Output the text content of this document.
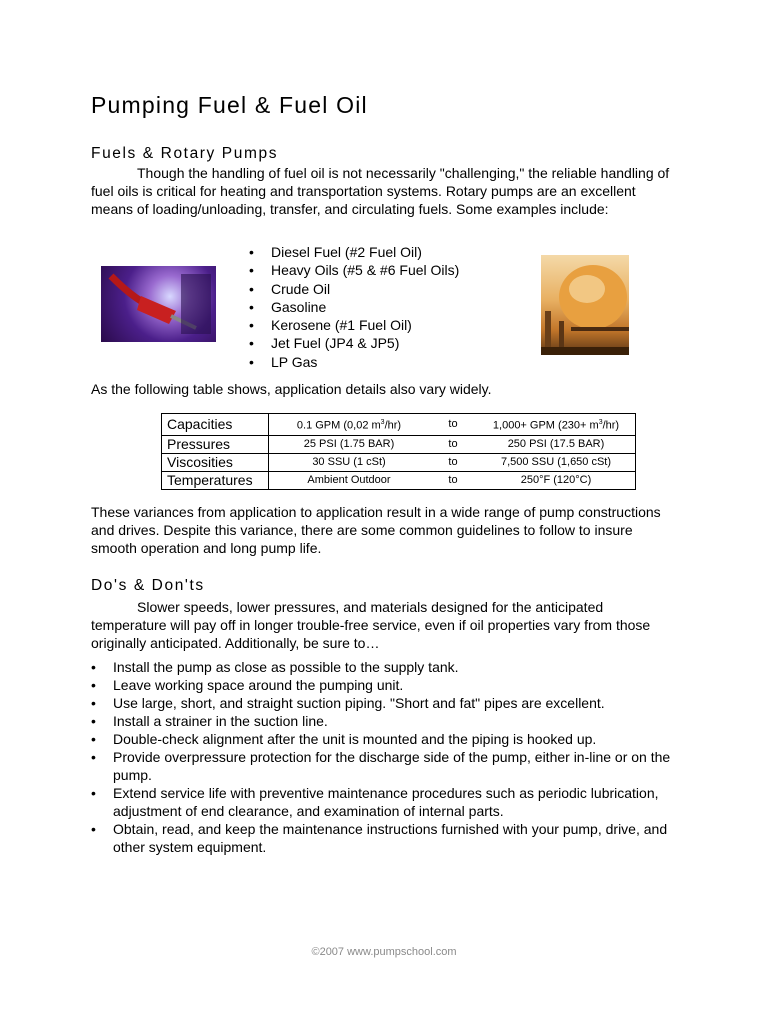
Pumping Fuel & Fuel Oil
Fuels & Rotary Pumps

Though the handling of fuel oil is not necessarily "challenging," the reliable handling of fuel oils is critical for heating and transportation systems. Rotary pumps are an excellent means of loading/unloading, transfer, and circulating fuels. Some examples include:

• Diesel Fuel (#2 Fuel Oil)
• Heavy Oils (#5 & #6 Fuel Oils)
• Crude Oil
• Gasoline
• Kerosene (#1 Fuel Oil)
• Jet Fuel (JP4 & JP5)
• LP Gas

As the following table shows, application details also vary widely.

Capacities	0.1 GPM (0,02 $m^3/hr$)	to	1,000+ GPM $(230+ m^3/hr)$
Pressures	25 PSI (1.75 BAR)	to	250 PSI (17.5 BAR)
Viscosities	30 SSU (1 cSt)	to	7,500 SSU (1,650 cSt)
Temperatures	Ambient Outdoor	to	250°F (120°C)

These variances from application to application result in a wide range of pump constructions and drives. Despite this variance, there are some common guidelines to follow to insure smooth operation and long pump life.

Do's & Don'ts

Slower speeds, lower pressures, and materials designed for the anticipated temperature will pay off in longer trouble-free service, even if oil properties vary from those originally anticipated. Additionally, be sure to…

• Install the pump as close as possible to the supply tank.
• Leave working space around the pumping unit.
• Use large, short, and straight suction piping. "Short and fat" pipes are excellent.
• Install a strainer in the suction line.
• Double-check alignment after the unit is mounted and the piping is hooked up.
• Provide overpressure protection for the discharge side of the pump, either in-line or on the pump.
• Extend service life with preventive maintenance procedures such as periodic lubrication, adjustment of end clearance, and examination of internal parts.
• Obtain, read, and keep the maintenance instructions furnished with your pump, drive, and other system equipment.
©2007 www.pumpschool.com
